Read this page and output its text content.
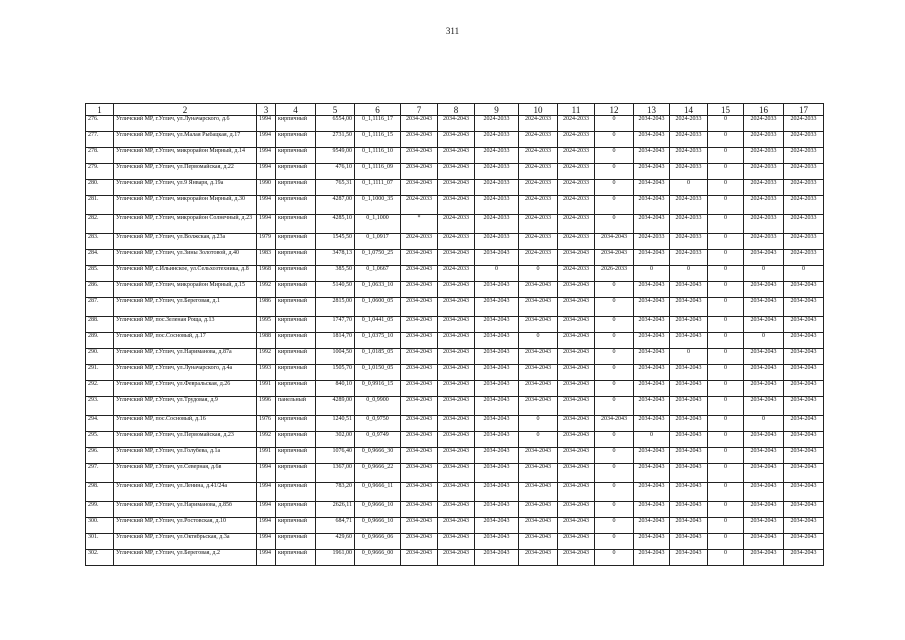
311
1	2	3	4	5	6	7	8	9	10	11	12	13	14	15	16	17
276.	Угличский МР, г.Углич, ул.Луначарского, д.6	1994	кирпичный	6554,00	0_1,1116_17	2034-2043	2034-2043	2024-2033	2024-2033	2024-2033	0	2034-2043	2024-2033	0	2024-2033	2024-2033
277.	Угличский МР, г.Углич, ул.Малая Рыбацкая, д.17	1994	кирпичный	2731,50	0_1,1116_15	2034-2043	2034-2043	2024-2033	2024-2033	2024-2033	0	2034-2043	2024-2033	0	2024-2033	2024-2033
278.	Угличский МР, г.Углич, микрорайон Мирный, д.14	1994	кирпичный	9549,00	0_1,1116_10	2034-2043	2034-2043	2024-2033	2024-2033	2024-2033	0	2034-2043	2024-2033	0	2024-2033	2024-2033
279.	Угличский МР, г.Углич, ул.Первомайская, д.22	1994	кирпичный	476,10	0_1,1116_09	2034-2043	2034-2043	2024-2033	2024-2033	2024-2033	0	2034-2043	2024-2033	0	2024-2033	2024-2033
280.	Угличский МР, г.Углич, ул.9 Января, д.19а	1990	кирпичный	765,31	0_1,1111_07	2034-2043	2034-2043	2024-2033	2024-2033	2024-2033	0	2034-2043	0	0	2024-2033	2024-2033
281.	Угличский МР, г.Углич, микрорайон Мирный, д.30	1994	кирпичный	4287,00	0_1,1000_35	2024-2033	2034-2043	2024-2033	2024-2033	2024-2033	0	2034-2043	2024-2033	0	2024-2033	2024-2033
282.	Угличский МР, г.Углич, микрорайон Солнечный, д.23	1994	кирпичный	4285,10	0_1,1000	*	2024-2033	2024-2033	2024-2033	2024-2033	0	2034-2043	2024-2033	0	2024-2033	2024-2033
283.	Угличский МР, г.Углич, ул.Волжская, д.23а	1979	кирпичный	1545,50	0_1,0917	2024-2033	2024-2033	2024-2033	2024-2033	2024-2033	2034-2043	2024-2033	2024-2033	0	2024-2033	2024-2033
284.	Угличский МР, г.Углич, ул.Зины Золотовой, д.40	1983	кирпичный	3478,13	0_1,0750_25	2034-2043	2034-2043	2034-2043	2024-2033	2034-2043	2034-2043	2034-2043	2024-2033	0	2034-2043	2024-2033
285.	Угличский МР, с.Ильинское, ул.Сельхозтехника, д.8	1968	кирпичный	385,50	0_1,0667	2034-2043	2024-2033	0	0	2024-2033	2026-2033	0	0	0	0	0
286.	Угличский МР, г.Углич, микрорайон Мирный, д.15	1992	кирпичный	5140,50	0_1,0633_10	2034-2043	2034-2043	2034-2043	2034-2043	2034-2043	0	2034-2043	2034-2043	0	2034-2043	2034-2043
287.	Угличский МР, г.Углич, ул.Береговая, д.1	1986	кирпичный	2815,00	0_1,0600_05	2034-2043	2034-2043	2034-2043	2034-2043	2034-2043	0	2034-2043	2034-2043	0	2034-2043	2034-2043
288.	Угличский МР, пос.Зеленая Роща, д.13	1995	кирпичный	1747,70	0_1,0441_05	2034-2043	2034-2043	2034-2043	2034-2043	2034-2043	0	2034-2043	2034-2043	0	2034-2043	2034-2043
289.	Угличский МР, пос.Сосновый, д.17	1988	кирпичный	1814,70	0_1,0375_10	2034-2043	2034-2043	2034-2043	0	2034-2043	0	2034-2043	2034-2043	0	0	2034-2043
290.	Угличский МР, г.Углич, ул.Нариманова, д.87а	1992	кирпичный	1004,50	0_1,0185_05	2034-2043	2034-2043	2034-2043	2034-2043	2034-2043	0	2034-2043	0	0	2034-2043	2034-2043
291.	Угличский МР, г.Углич, ул.Луначарского, д.4а	1993	кирпичный	1505,70	0_1,0150_05	2034-2043	2034-2043	2034-2043	2034-2043	2034-2043	0	2034-2043	2034-2043	0	2034-2043	2034-2043
292.	Угличский МР, г.Углич, ул.Февральская, д.26	1991	кирпичный	840,10	0_0,9916_15	2034-2043	2034-2043	2034-2043	2034-2043	2034-2043	0	2034-2043	2034-2043	0	2034-2043	2034-2043
293.	Угличский МР, г.Углич, ул.Трудовая, д.9	1996	панельный	4289,00	0_0,9900	2034-2043	2034-2043	2034-2043	2034-2043	2034-2043	0	2034-2043	2034-2043	0	2034-2043	2034-2043
294.	Угличский МР, пос.Сосновый, д.16	1976	кирпичный	1240,51	0_0,9750	2034-2043	2034-2043	2034-2043	0	2034-2043	2034-2043	2034-2043	2034-2043	0	0	2034-2043
295.	Угличский МР, г.Углич, ул.Первомайская, д.23	1992	кирпичный	302,00	0_0,9749	2034-2043	2034-2043	2034-2043	0	2034-2043	0	0	2034-2043	0	2034-2043	2034-2043
296.	Угличский МР, г.Углич, ул.Голубева, д.1а	1991	кирпичный	1076,40	0_0,9666_30	2034-2043	2034-2043	2034-2043	2034-2043	2034-2043	0	2034-2043	2034-2043	0	2034-2043	2034-2043
297.	Угличский МР, г.Углич, ул.Северная, д.6в	1994	кирпичный	1367,00	0_0,9666_22	2034-2043	2034-2043	2034-2043	2034-2043	2034-2043	0	2034-2043	2034-2043	0	2034-2043	2034-2043
298.	Угличский МР, г.Углич, ул.Ленина, д.41/24а	1994	кирпичный	783,20	0_0,9666_11	2034-2043	2034-2043	2034-2043	2034-2043	2034-2043	0	2034-2043	2034-2043	0	2034-2043	2034-2043
299.	Угличский МР, г.Углич, ул.Нариманова, д.85б	1994	кирпичный	2626,11	0_0,9666_10	2034-2043	2034-2043	2034-2043	2034-2043	2034-2043	0	2034-2043	2034-2043	0	2034-2043	2034-2043
300.	Угличский МР, г.Углич, ул.Ростовская, д.10	1994	кирпичный	684,71	0_0,9666_10	2034-2043	2034-2043	2034-2043	2034-2043	2034-2043	0	2034-2043	2034-2043	0	2034-2043	2034-2043
301.	Угличский МР, г.Углич, ул.Октябрьская, д.3а	1994	кирпичный	429,60	0_0,9666_06	2034-2043	2034-2043	2034-2043	2034-2043	2034-2043	0	2034-2043	2034-2043	0	2034-2043	2034-2043
302.	Угличский МР, г.Углич, ул.Береговая, д.2	1994	кирпичный	1961,00	0_0,9666_00	2034-2043	2034-2043	2034-2043	2034-2043	2034-2043	0	2034-2043	2034-2043	0	2034-2043	2034-2043
